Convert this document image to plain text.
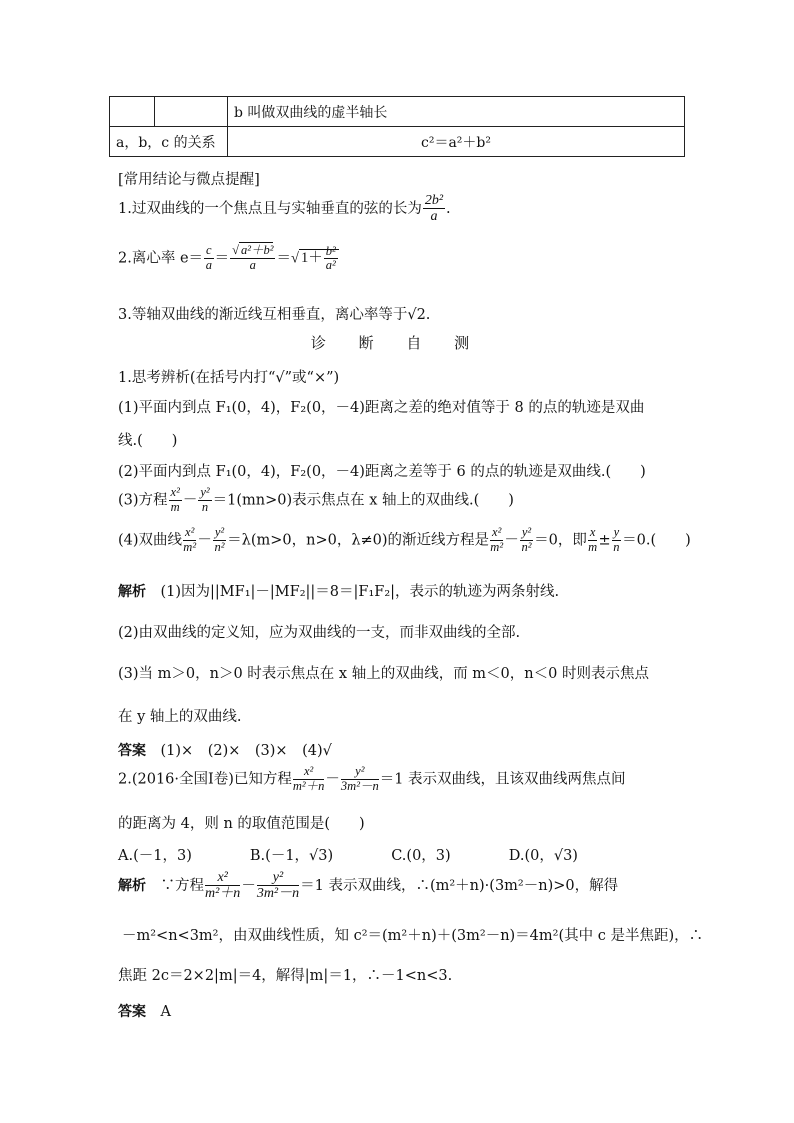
		b 叫做双曲线的虚半轴长
a，b，c 的关系		c²＝a²＋b²
[常用结论与微点提醒]
1.过双曲线的一个焦点且与实轴垂直的弦的长为 $\frac{\text{2b²}}{a}$ .
2.离心率 $e= \frac{c}{a} = \frac{\text{√ a²＋b²}}{a}$ ＝√ $1+ \frac{\text{b²}}{\text{a²}}$
3.等轴双曲线的渐近线互相垂直，离心率等于√2.
诊 断 自 测
1.思考辨析(在括号内打“√”或“×”)
(1)平面内到点 F₁(0，4)，F₂(0，－4)距离之差的绝对值等于 8 的点的轨迹是双曲
线.(　　)
(2)平面内到点 F₁(0，4)，F₂(0，－4)距离之差等于 6 的点的轨迹是双曲线.(　　)
(3)方程 $\frac{\text{x²}}{m} - \frac{\text{y²}}{n} =1(mn>0)$表示焦点在 x 轴上的双曲线.(　　)
(4)双曲线 $\frac{\text{x²}}{\text{m²}} - \frac{\text{y²}}{\text{n²}} =\lambda(m>0$，n>0，λ≠0)的渐近线方程是 $\frac{\text{x²}}{\text{m²}} - \frac{\text{y²}}{\text{n²}} =0$，即 $\frac{x}{m} \pm \frac{y}{n} =0$.(　　)
解析　 (1)因为||MF₁|－|MF₂||＝8＝|F₁F₂|，表示的轨迹为两条射线.
(2)由双曲线的定义知，应为双曲线的一支，而非双曲线的全部.
(3)当 m＞0，n＞0 时表示焦点在 x 轴上的双曲线，而 m＜0，n＜0 时则表示焦点
在 y 轴上的双曲线.
答案　 (1)×　(2)×　(3)×　(4)√
2.(2016·全国Ⅰ卷)已知方程 $\frac{\text{x²}}{\text{m²＋n}} - \frac{\text{y²}}{\text{3m²－n}} =1$ 表示双曲线，且该双曲线两焦点间
的距离为 4，则 n 的取值范围是(　　)
A.(－1，3)	B.(－1，√3)	C.(0，3)	D.(0，√3)
解析　 ∵方程 $\frac{\text{x²}}{\text{m²＋n}} - \frac{\text{y²}}{\text{3m²－n}} =1$ 表示双曲线，∴(m²＋n)·(3m²－n)>0，解得
－m²<n<3m²，由双曲线性质，知 c²＝(m²＋n)＋(3m²－n)＝4m²(其中 c 是半焦距)，∴
焦距 2c＝2×2|m|＝4，解得|m|＝1，∴－1<n<3.
答案　 A
